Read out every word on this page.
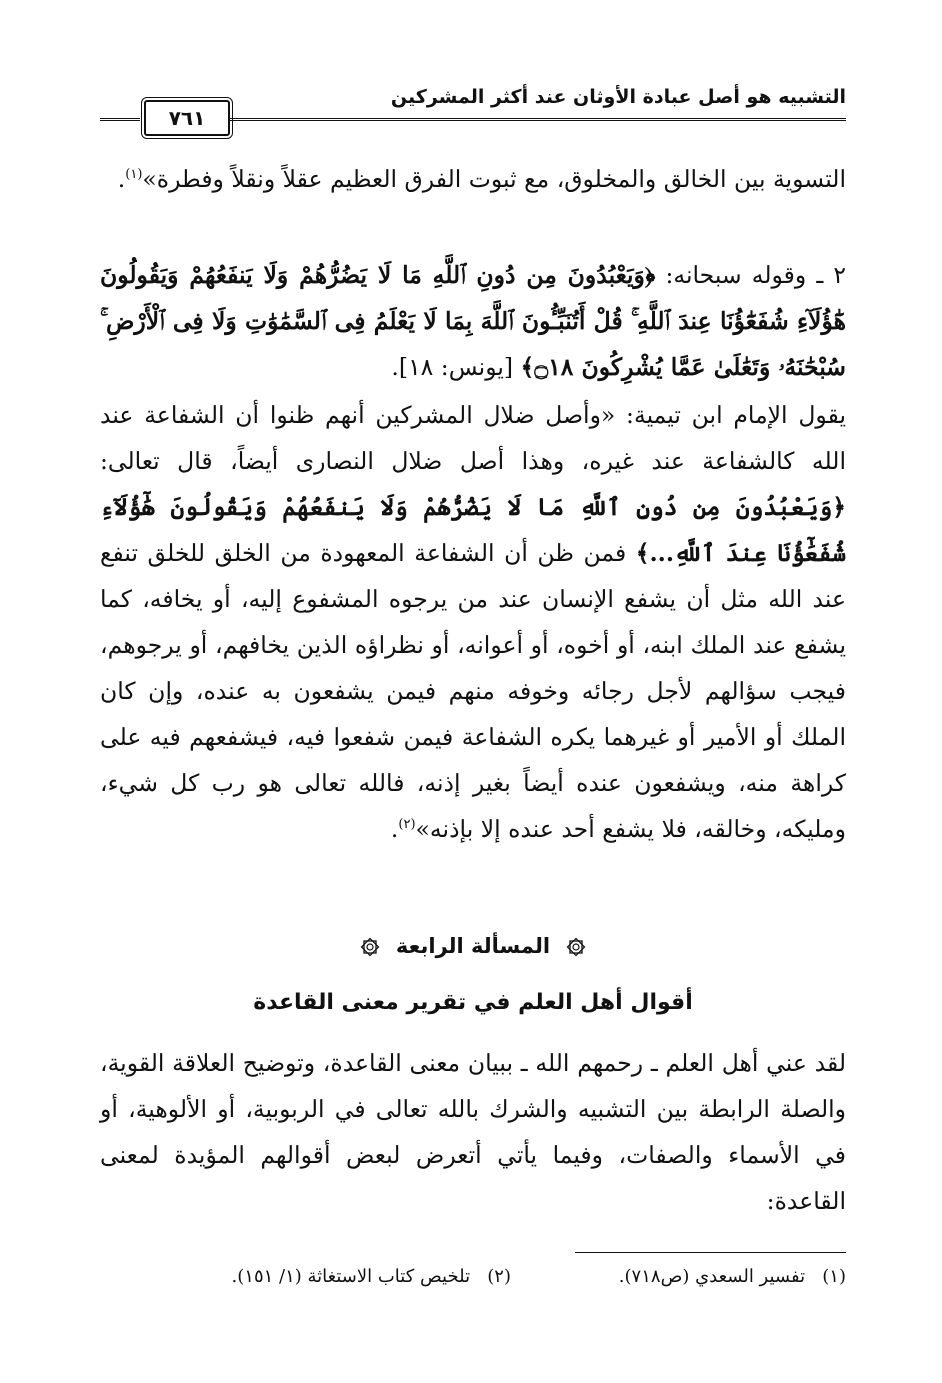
التشبيه هو أصل عبادة الأوثان عند أكثر المشركين
٧٦١
التسوية بين الخالق والمخلوق، مع ثبوت الفرق العظيم عقلاً ونقلاً وفطرة»$^{(١)}$.
٢ ـ وقوله سبحانه: ﴿وَيَعْبُدُونَ مِن دُونِ ٱللَّهِ مَا لَا يَضُرُّهُمْ وَلَا يَنفَعُهُمْ وَيَقُولُونَ هَٰٓؤُلَآءِ شُفَعَٰٓؤُنَا عِندَ ٱللَّهِ ۚ قُلْ أَتُنَبِّـُٔونَ ٱللَّهَ بِمَا لَا يَعْلَمُ فِى ٱلسَّمَٰوَٰتِ وَلَا فِى ٱلْأَرْضِ ۚ سُبْحَٰنَهُۥ وَتَعَٰلَىٰ عَمَّا يُشْرِكُونَ ۝١٨﴾ [يونس: ١٨].
يقول الإمام ابن تيمية: «وأصل ضلال المشركين أنهم ظنوا أن الشفاعة عند الله كالشفاعة عند غيره، وهذا أصل ضلال النصارى أيضاً، قال تعالى: ﴿وَيَعْبُدُونَ مِن دُونِ ٱللَّهِ مَا لَا يَضُرُّهُمْ وَلَا يَنفَعُهُمْ وَيَقُولُونَ هَٰٓؤُلَآءِ شُفَعَٰٓؤُنَا عِندَ ٱللَّهِ...﴾ فمن ظن أن الشفاعة المعهودة من الخلق للخلق تنفع عند الله مثل أن يشفع الإنسان عند من يرجوه المشفوع إليه، أو يخافه، كما يشفع عند الملك ابنه، أو أخوه، أو أعوانه، أو نظراؤه الذين يخافهم، أو يرجوهم، فيجب سؤالهم لأجل رجائه وخوفه منهم فيمن يشفعون به عنده، وإن كان الملك أو الأمير أو غيرهما يكره الشفاعة فيمن شفعوا فيه، فيشفعهم فيه على كراهة منه، ويشفعون عنده أيضاً بغير إذنه، فالله تعالى هو رب كل شيء، ومليكه، وخالقه، فلا يشفع أحد عنده إلا بإذنه»$^{(٢)}$.
المسألة الرابعة
أقوال أهل العلم في تقرير معنى القاعدة
لقد عني أهل العلم ـ رحمهم الله ـ ببيان معنى القاعدة، وتوضيح العلاقة القوية، والصلة الرابطة بين التشبيه والشرك بالله تعالى في الربوبية، أو الألوهية، أو في الأسماء والصفات، وفيما يأتي أتعرض لبعض أقوالهم المؤيدة لمعنى القاعدة:
(١)   تفسير السعدي (ص٧١٨).
(٢)   تلخيص كتاب الاستغاثة (١/ ١٥١).
